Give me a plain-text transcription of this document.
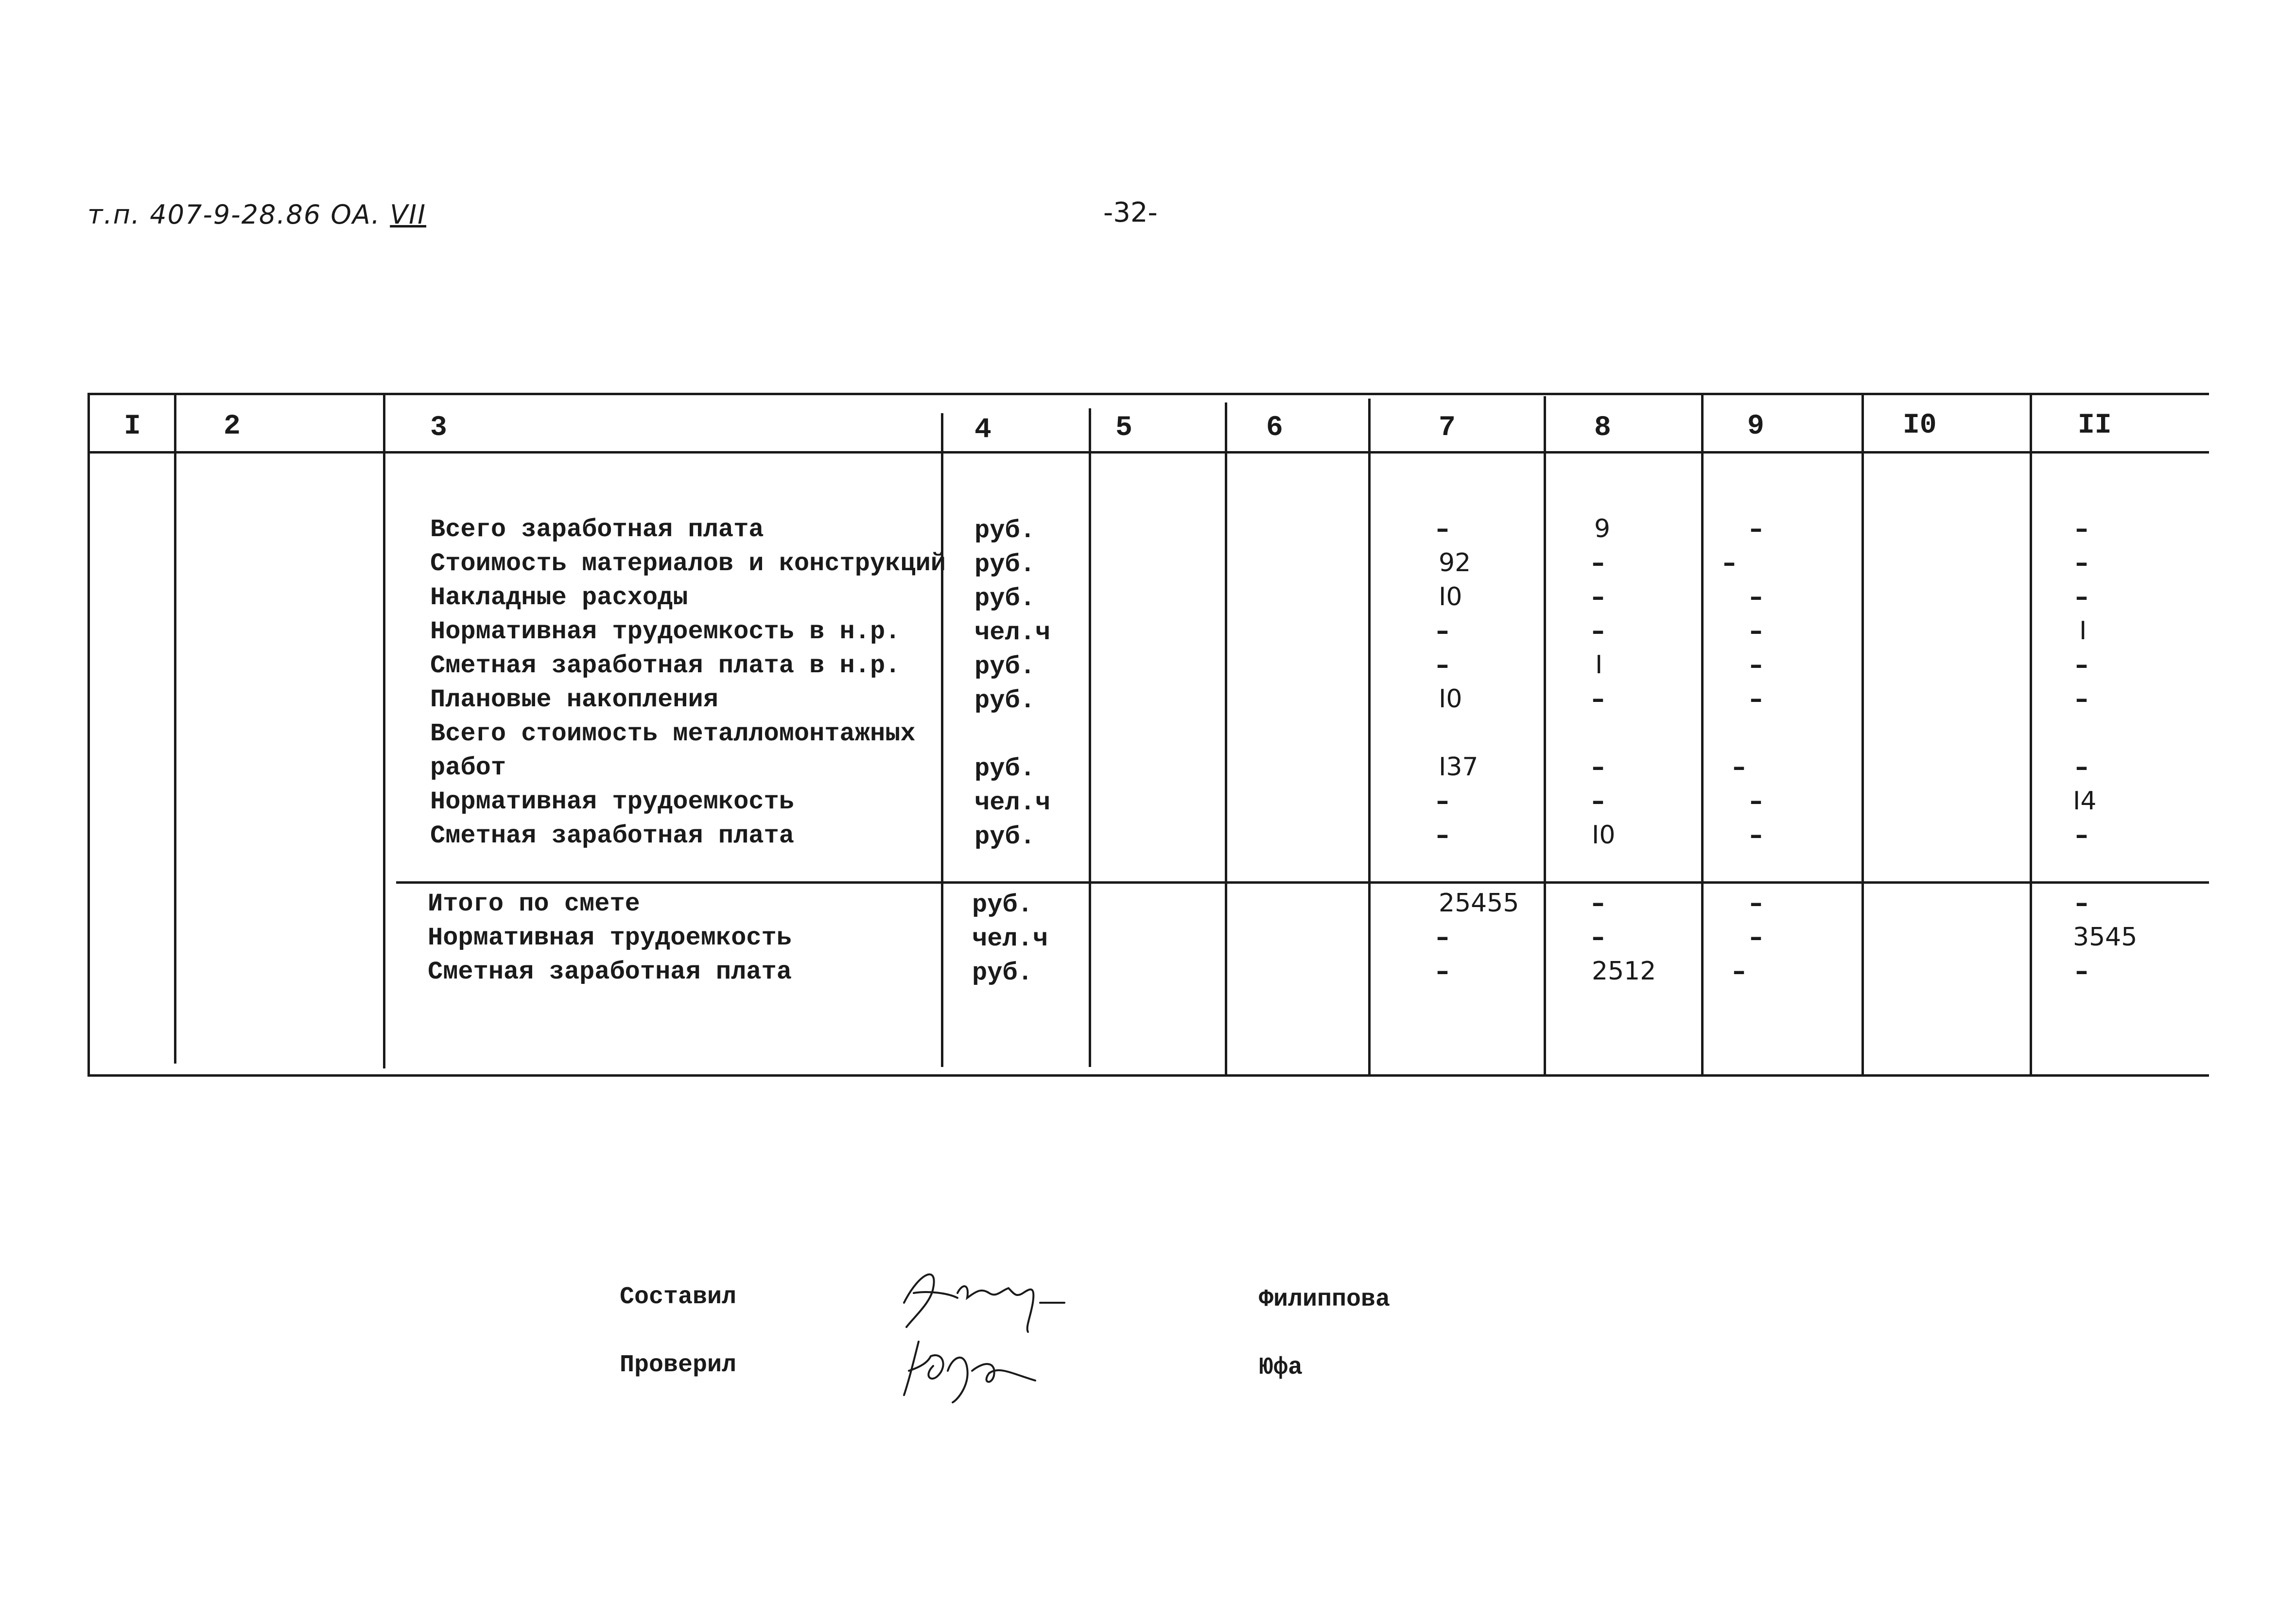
т.п. 407-9-28.86 ОА. VII	-32-
I	2	3	4	5	6	7	8	9	I0	II
Всего заработная плата	руб.	–	9	–	–
Стоимость материалов и конструкций руб.	92	–	–	–
Накладные расходы	руб.	I0	–	–	–
Нормативная трудоемкость в н.р.	чел.ч	–	–	–	I
Сметная заработная плата в н.р.	руб.	–	I	–	–
Плановые накопления	руб.	I0	–	–	–
Всего стоимость металломонтажных
работ	руб.	I37	–	–	–
Нормативная трудоемкость	чел.ч	–	–	–	I4
Сметная заработная плата	руб.	–	I0	–	–
Итого по смете	руб.	25455	–	–	–
Нормативная трудоемкость	чел.ч	–	–	–	3545
Сметная заработная плата	руб.	–	2512	–	–
Составил	Филиппова
Проверил	Юфа
